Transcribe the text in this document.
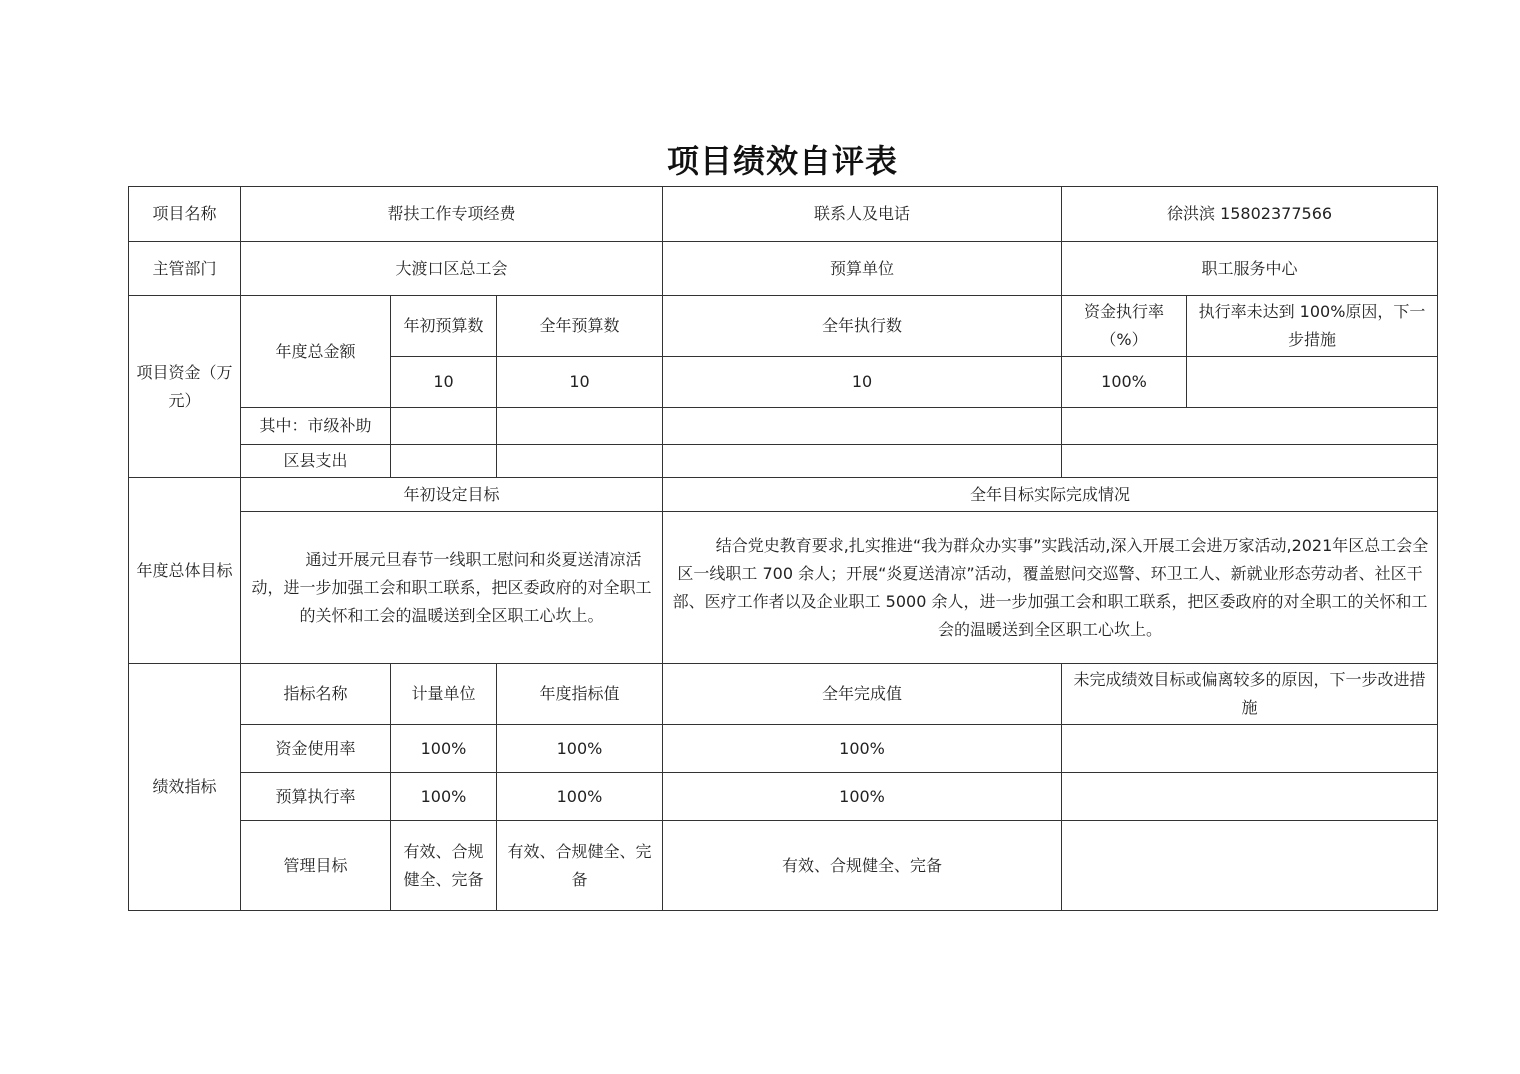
项目绩效自评表
项目名称	帮扶工作专项经费			联系人及电话	徐洪滨 15802377566	
主管部门	大渡口区总工会			预算单位	职工服务中心	
项目资金（万元）	年度总金额	年初预算数	全年预算数	全年执行数	资金执行率（%）	执行率未达到 100%原因，下一步措施
		10	10	10	100%	
	其中：市级补助					
	区县支出					
年度总体目标	年初设定目标			全年目标实际完成情况		
	通过开展元旦春节一线职工慰问和炎夏送清凉活动，进一步加强工会和职工联系，把区委政府的对全职工的关怀和工会的温暖送到全区职工心坎上。			结合党史教育要求,扎实推进“我为群众办实事”实践活动,深入开展工会进万家活动,2021年区总工会全区一线职工 700 余人；开展“炎夏送清凉”活动，覆盖慰问交巡警、环卫工人、新就业形态劳动者、社区干部、医疗工作者以及企业职工 5000 余人，进一步加强工会和职工联系，把区委政府的对全职工的关怀和工会的温暖送到全区职工心坎上。		
绩效指标	指标名称	计量单位	年度指标值	全年完成值	未完成绩效目标或偏离较多的原因，下一步改进措施	
	资金使用率	100%	100%	100%		
	预算执行率	100%	100%	100%		
	管理目标	有效、合规健全、完备	有效、合规健全、完备	有效、合规健全、完备		
